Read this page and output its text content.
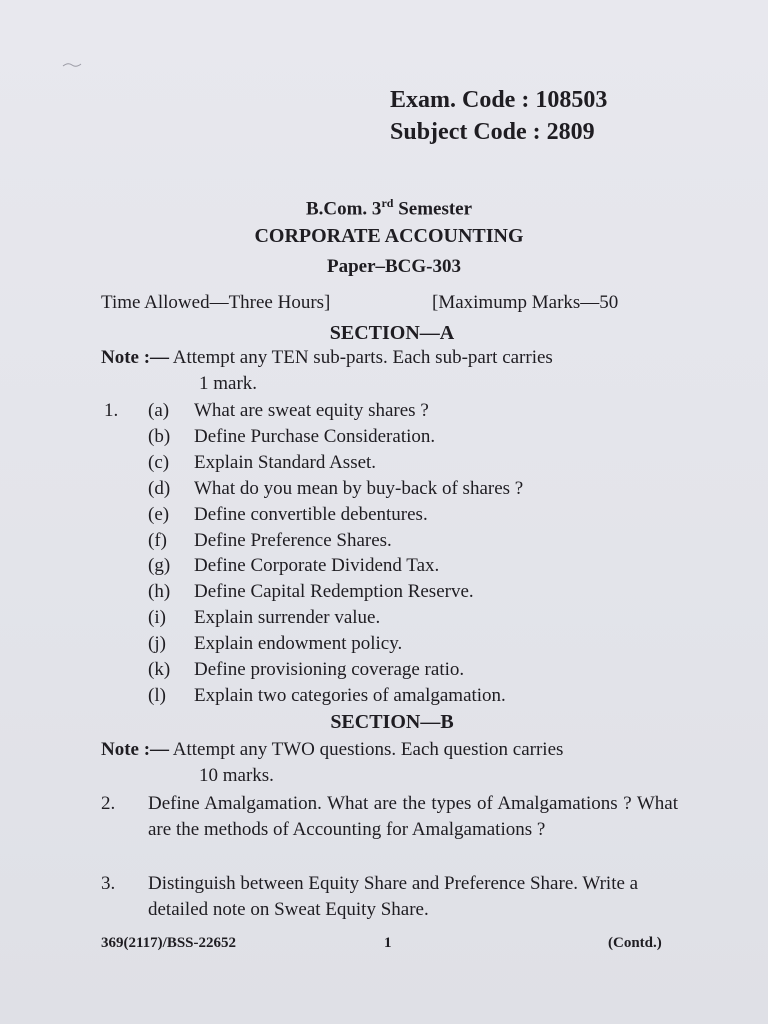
Exam. Code : 108503
Subject Code : 2809
B.Com. 3rd Semester
CORPORATE ACCOUNTING
Paper–BCG-303
Time Allowed—Three Hours]	[Maximump Marks—50
SECTION—A
Note :— Attempt any TEN sub-parts. Each sub-part carries
1 mark.
1. (a) What are sweat equity shares ?
(b) Define Purchase Consideration.
(c) Explain Standard Asset.
(d) What do you mean by buy-back of shares ?
(e) Define convertible debentures.
(f) Define Preference Shares.
(g) Define Corporate Dividend Tax.
(h) Define Capital Redemption Reserve.
(i) Explain surrender value.
(j) Explain endowment policy.
(k) Define provisioning coverage ratio.
(l) Explain two categories of amalgamation.
SECTION—B
Note :— Attempt any TWO questions. Each question carries
10 marks.
2. Define Amalgamation. What are the types of Amalgamations ? What are the methods of Accounting for Amalgamations ?
3. Distinguish between Equity Share and Preference Share. Write a detailed note on Sweat Equity Share.
369(2117)/BSS-22652	1	(Contd.)
